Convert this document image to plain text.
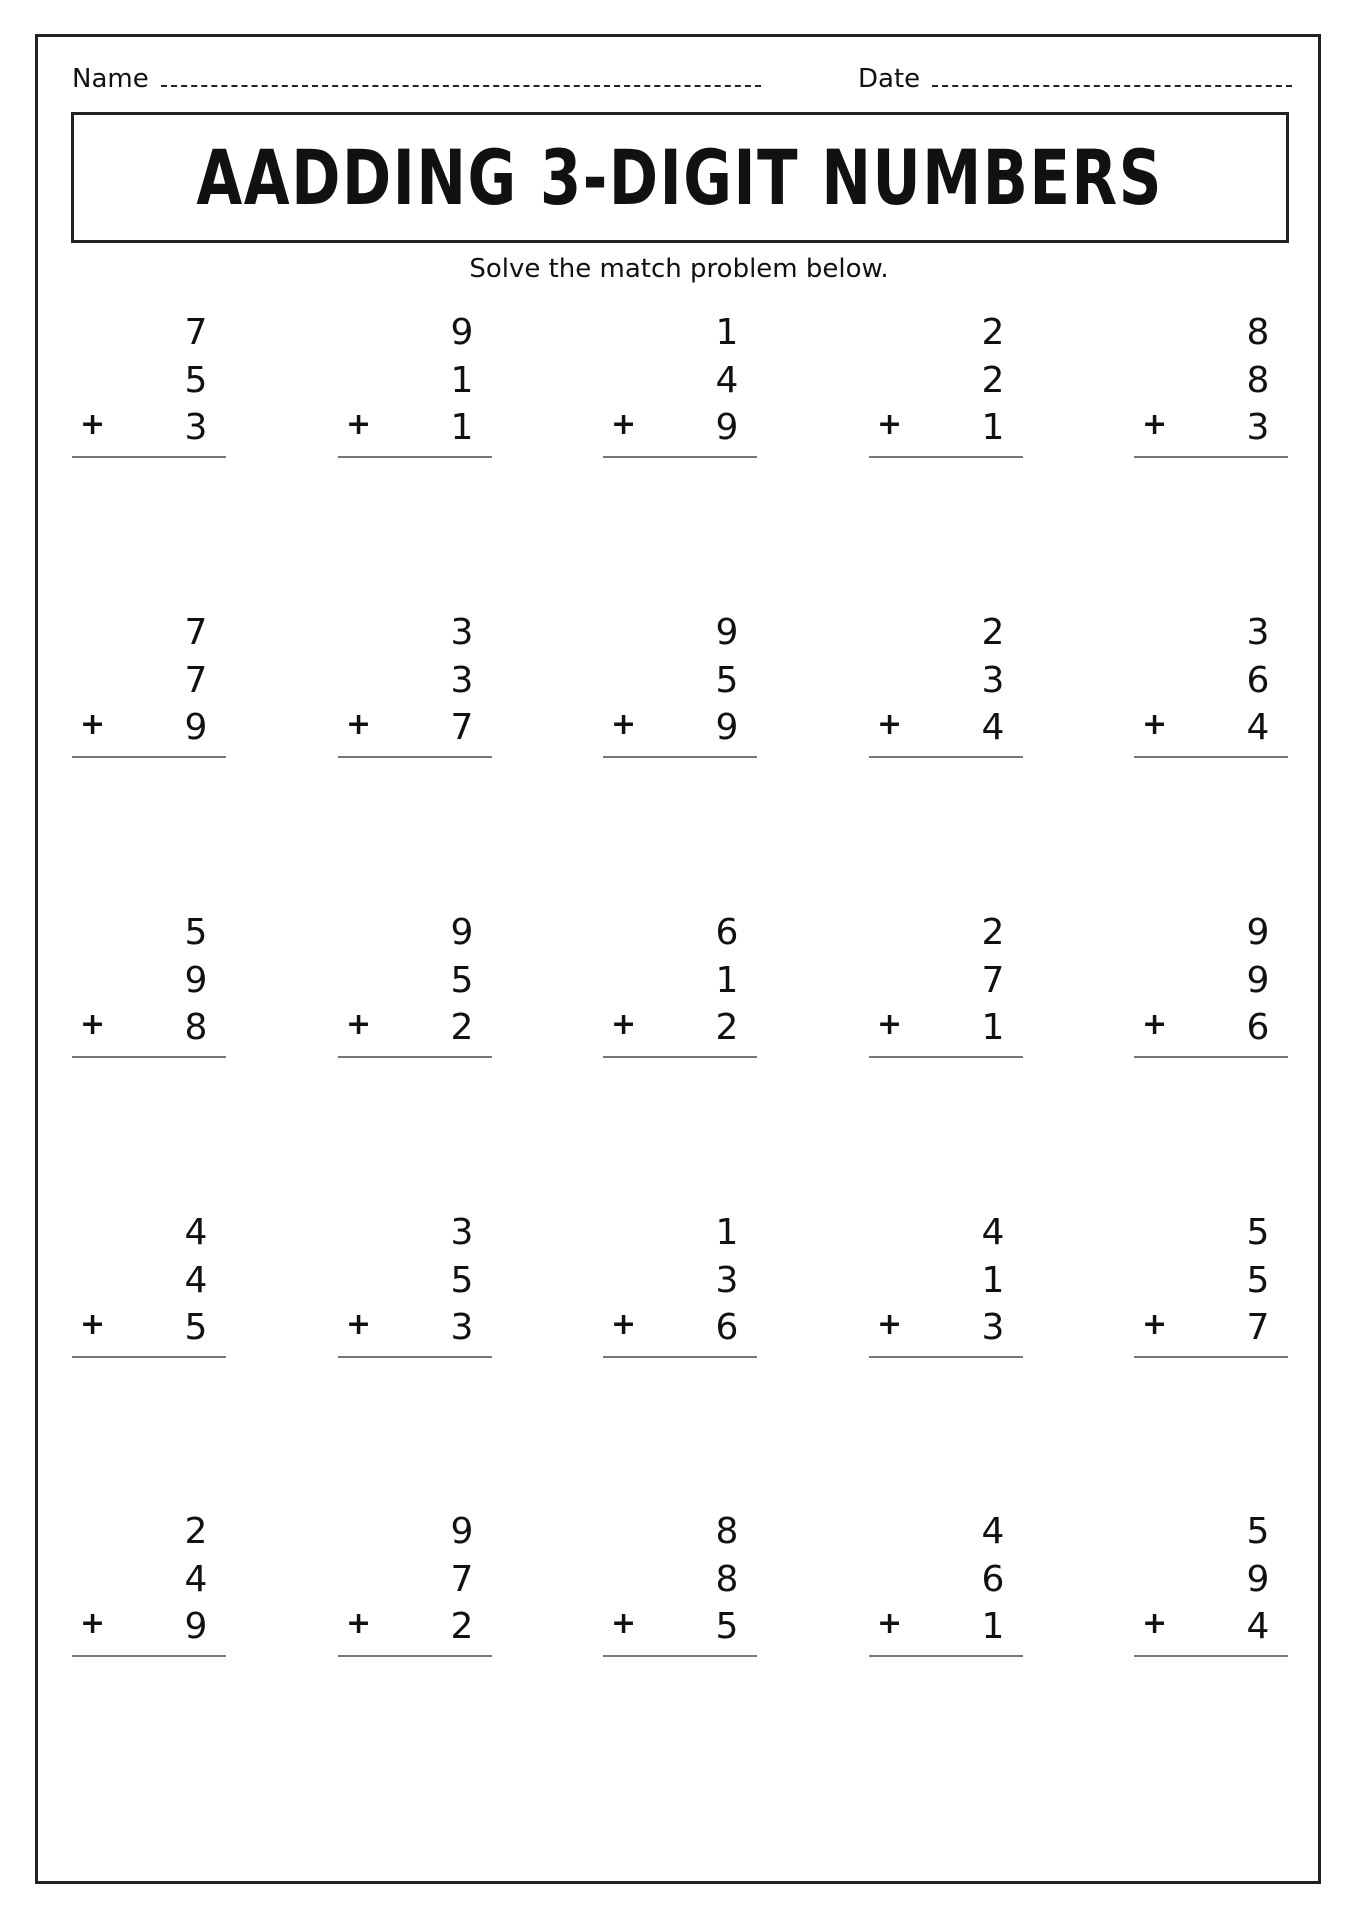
Name	Date
AADDING 3-DIGIT NUMBERS
Solve the match problem below.
7
5
3
+
9
1
1
+
1
4
9
+
2
2
1
+
8
8
3
+
7
7
9
+
3
3
7
+
9
5
9
+
2
3
4
+
3
6
4
+
5
9
8
+
9
5
2
+
6
1
2
+
2
7
1
+
9
9
6
+
4
4
5
+
3
5
3
+
1
3
6
+
4
1
3
+
5
5
7
+
2
4
9
+
9
7
2
+
8
8
5
+
4
6
1
+
5
9
4
+
